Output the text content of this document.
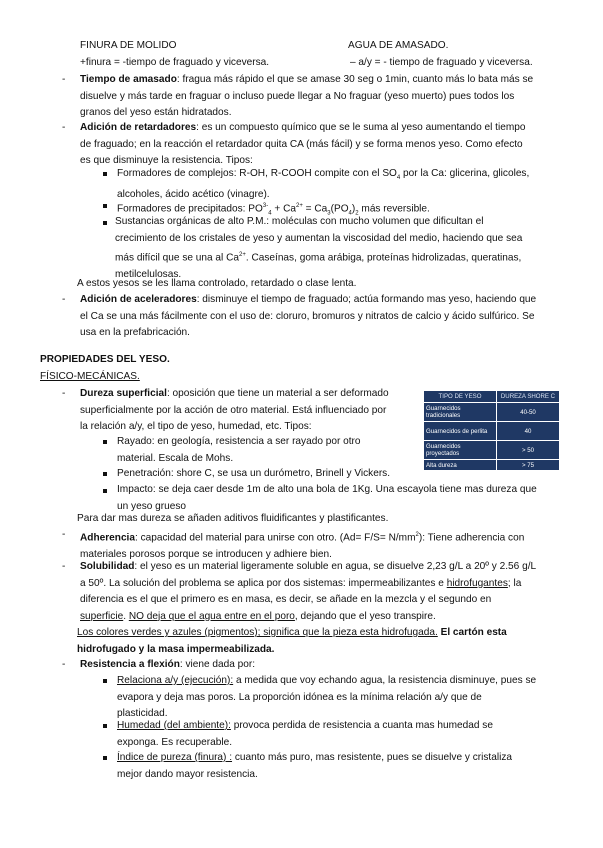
FINURA DE MOLIDO	AGUA DE AMASADO.
+finura = -tiempo de fraguado y viceversa.	– a/y = - tiempo de fraguado y viceversa.
-	Tiempo de amasado: fragua más rápido el que se amase 30 seg o 1min, cuanto más lo bata más se

disuelve y más tarde en fraguar o incluso puede llegar a No fraguar (yeso muerto) pues todos los

granos del yeso están hidratados.

-	Adición de retardadores: es un compuesto químico que se le suma al yeso aumentando el tiempo

de fraguado; en la reacción el retardador quita CA (más fácil) y se forma menos yeso. Como efecto

es que disminuye la resistencia. Tipos:

Formadores de complejos: R-OH, R-COOH compite con el $SO_4$ por la Ca: glicerina, glicoles,

alcoholes, ácido acético (vinagre).

Formadores de precipitados: $PO^{3-}_4 + Ca^{2+} = Ca_3(PO_4)_2$ más reversible.

Sustancias orgánicas de alto P.M.: moléculas con mucho volumen que dificultan el

crecimiento de los cristales de yeso y aumentan la viscosidad del medio, haciendo que sea

más difícil que se una al $Ca^{2+}$. Caseínas, goma arábiga, proteínas hidrolizadas, queratinas,

metilcelulosas.

A estos yesos se les llama controlado, retardado o clase lenta.
-	Adición de aceleradores: disminuye el tiempo de fraguado; actúa formando mas yeso, haciendo que

el Ca se una más fácilmente con el uso de: cloruro, bromuros y nitratos de calcio y ácido sulfúrico. Se

usa en la prefabricación.

PROPIEDADES DEL YESO.
FÍSICO-MECÁNICAS.
-	Dureza superficial: oposición que tiene un material a ser deformado

superficialmente por la acción de otro material. Está influenciado por

la relación a/y, el tipo de yeso, humedad, etc. Tipos:

TIPO DE YESO	DUREZA SHORE C
Guarnecidos tradicionales	40-50
Guarnecidos de perlita	40
Guarnecidos proyectados	> 50
Alta dureza	> 75

Rayado: en geología, resistencia a ser rayado por otro

material. Escala de Mohs.

Penetración: shore C, se usa un durómetro, Brinell y Vickers.

Impacto: se deja caer desde 1m de alto una bola de 1Kg. Una escayola tiene mas dureza que

un yeso grueso

Para dar mas dureza se añaden aditivos fluidificantes y plastificantes.
-	Adherencia: capacidad del material para unirse con otro. $(Ad= F/S= N/mm^2)$: Tiene adherencia con

materiales porosos porque se introducen y adhiere bien.

-	Solubilidad: el yeso es un material ligeramente soluble en agua, se disuelve 2,23 g/L a 20º y 2.56 g/L

a 50º. La solución del problema se aplica por dos sistemas: impermeabilizantes e hidrofugantes; la

diferencia es el que el primero es en masa, es decir, se añade en la mezcla y el segundo en

superficie. NO deja que el agua entre en el poro, dejando que el yeso transpire.

Los colores verdes y azules (pigmentos); significa que la pieza esta hidrofugada. El cartón esta

hidrofugado y la masa impermeabilizada.

-	Resistencia a flexión: viene dada por:

Relaciona a/y (ejecución): a medida que voy echando agua, la resistencia disminuye, pues se

evapora y deja mas poros. La proporción idónea es la mínima relación a/y que de

plasticidad.

Humedad (del ambiente): provoca perdida de resistencia a cuanta mas humedad se

exponga. Es recuperable.

Índice de pureza (finura) : cuanto más puro, mas resistente, pues se disuelve y cristaliza

mejor dando mayor resistencia.
